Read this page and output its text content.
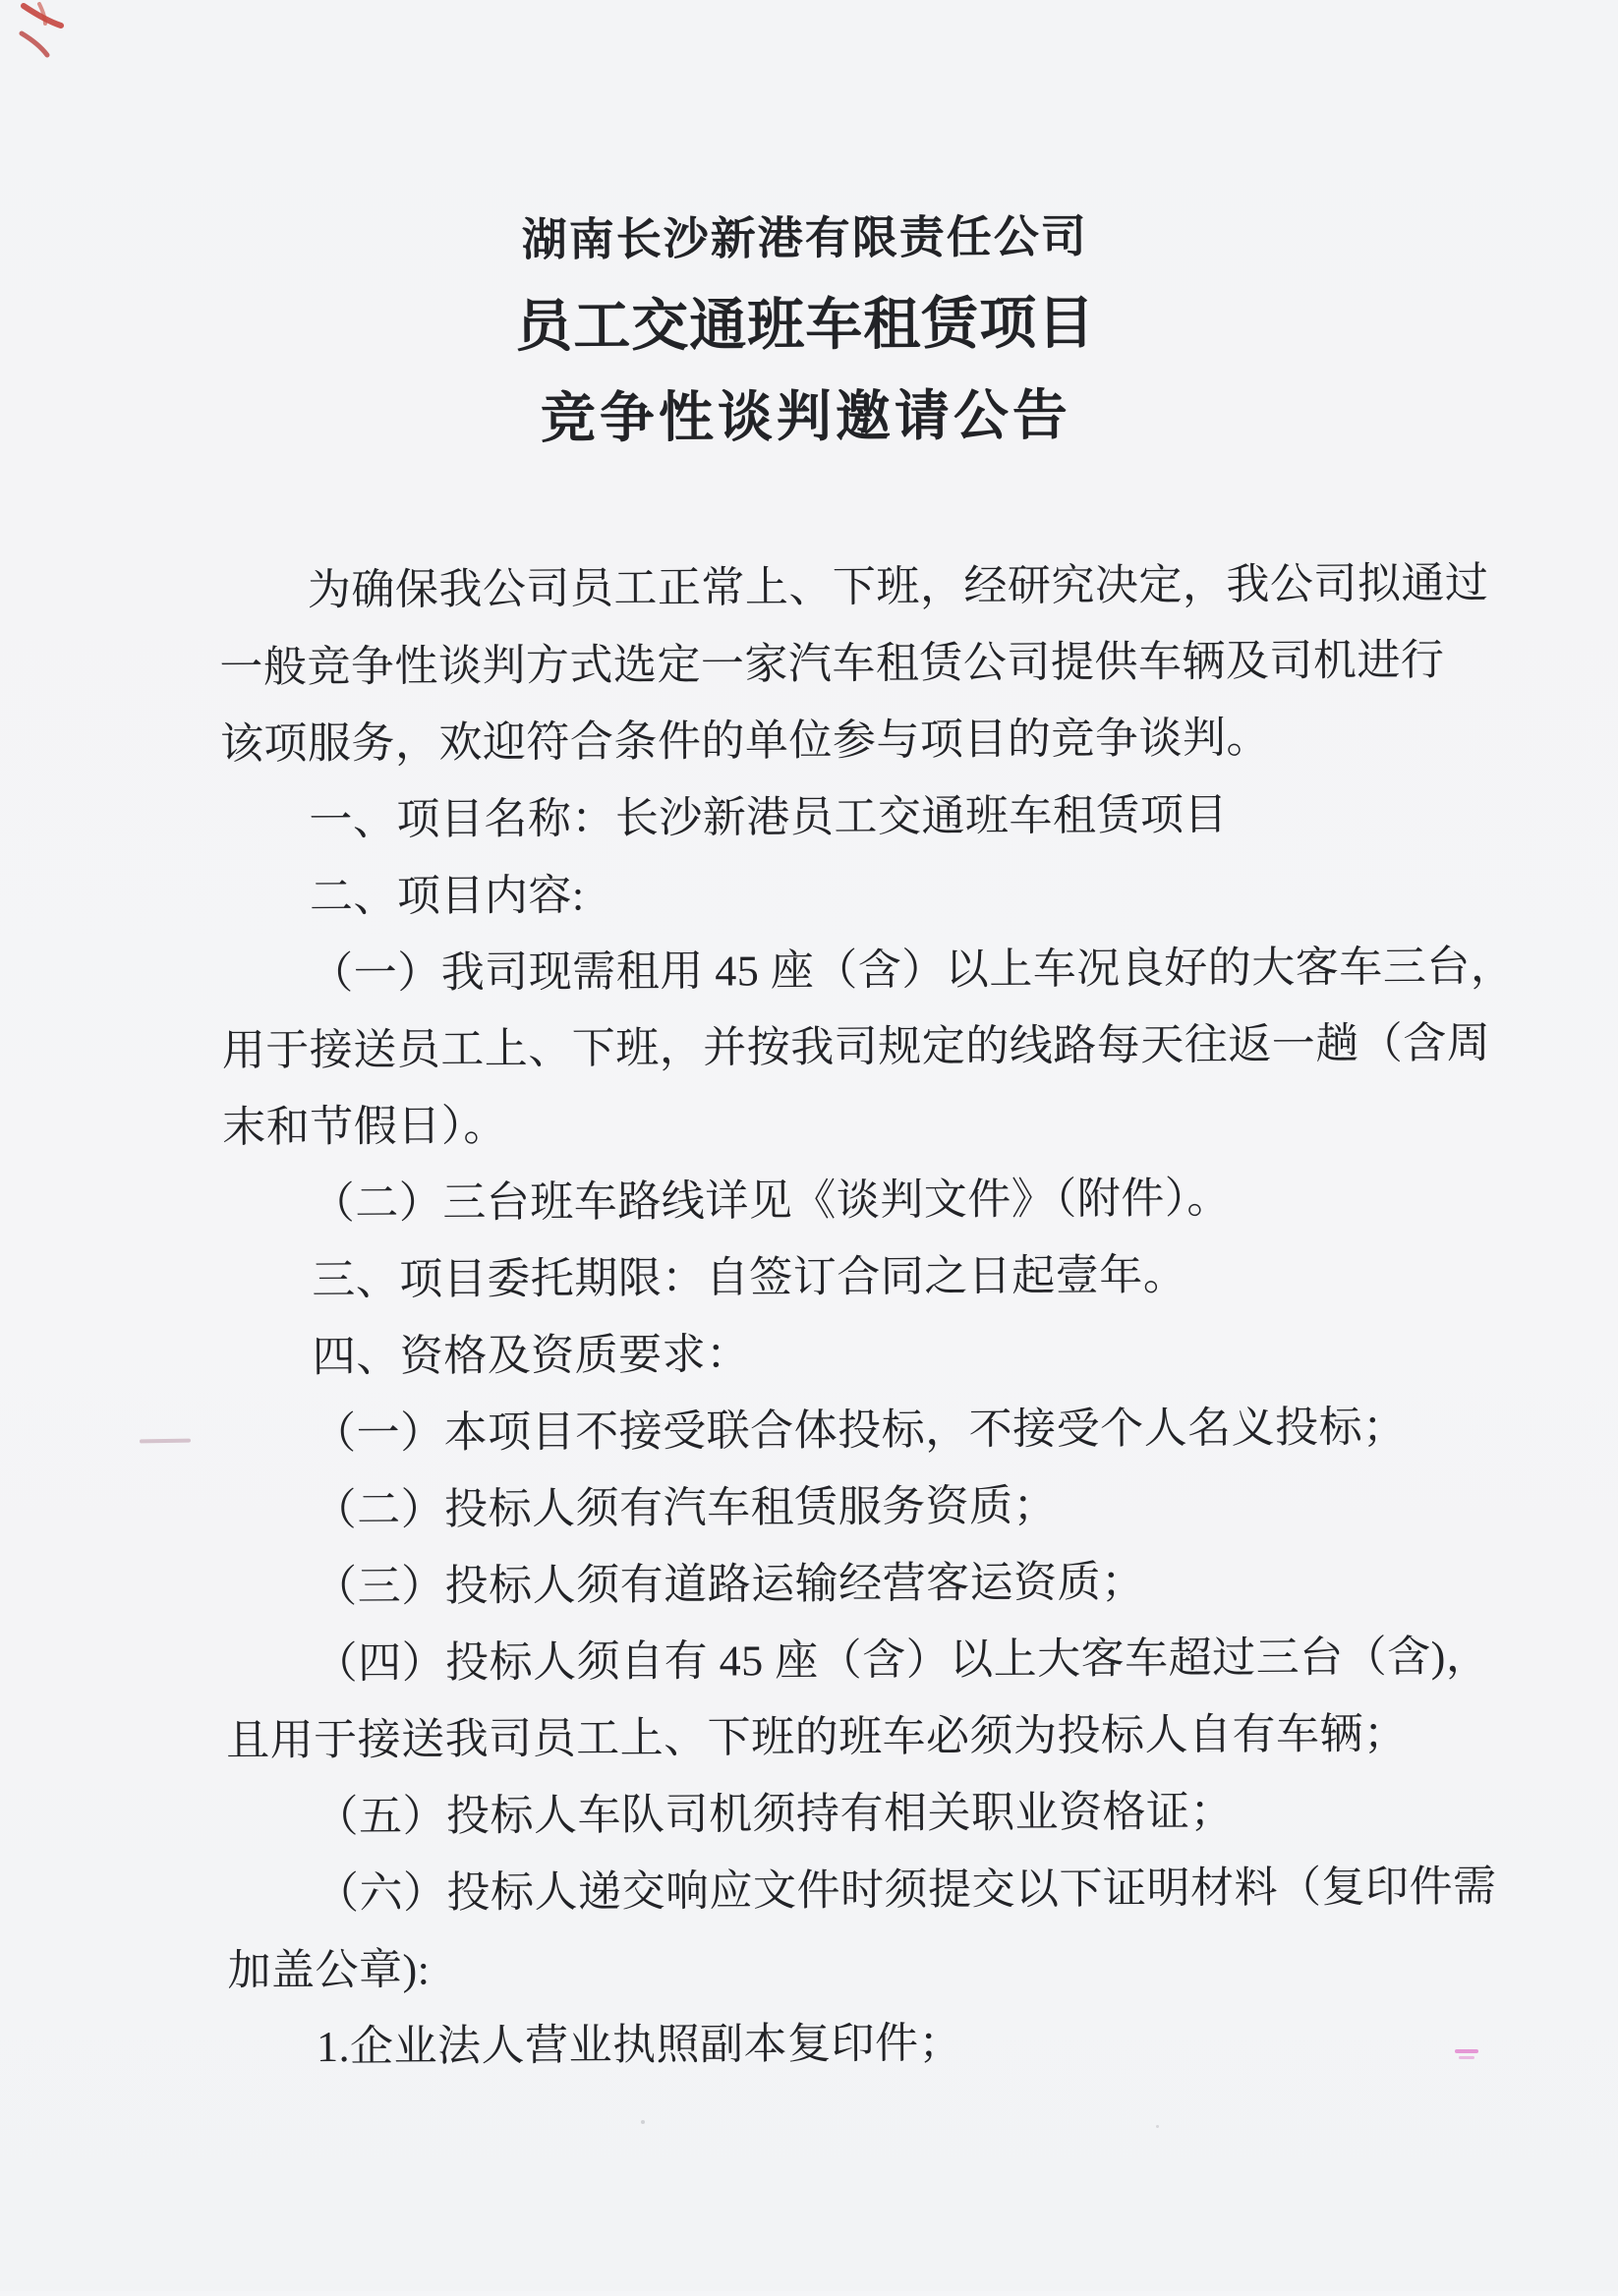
湖南长沙新港有限责任公司
员工交通班车租赁项目
竞争性谈判邀请公告
为确保我公司员工正常上、下班，经研究决定，我公司拟通过
一般竞争性谈判方式选定一家汽车租赁公司提供车辆及司机进行
该项服务，欢迎符合条件的单位参与项目的竞争谈判。
一、项目名称：长沙新港员工交通班车租赁项目
二、项目内容:
（一）我司现需租用 45 座（含）以上车况良好的大客车三台，
用于接送员工上、下班，并按我司规定的线路每天往返一趟（含周
末和节假日）。
（二）三台班车路线详见《谈判文件》（附件）。
三、项目委托期限：自签订合同之日起壹年。
四、资格及资质要求：
（一）本项目不接受联合体投标，不接受个人名义投标；
（二）投标人须有汽车租赁服务资质；
（三）投标人须有道路运输经营客运资质；
（四）投标人须自有 45 座（含）以上大客车超过三台（含)，
且用于接送我司员工上、下班的班车必须为投标人自有车辆；
（五）投标人车队司机须持有相关职业资格证；
（六）投标人递交响应文件时须提交以下证明材料（复印件需
加盖公章):
1.企业法人营业执照副本复印件；
